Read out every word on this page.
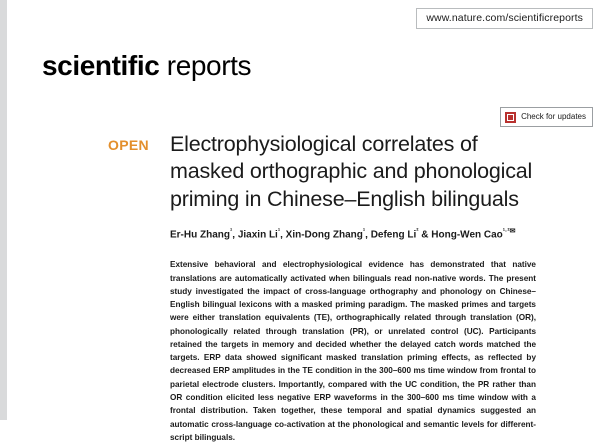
www.nature.com/scientificreports
scientific reports
Check for updates
OPEN Electrophysiological correlates of masked orthographic and phonological priming in Chinese–English bilinguals
Er-Hu Zhang$^{^1}$, Jiaxin $Li^{^1}$, Xin-Dong Zhang$^{^1}$, Defeng $Li^{^2}$ & Hong-Wen Cao$^{^1\cdot^2✉}$
Extensive behavioral and electrophysiological evidence has demonstrated that native translations are automatically activated when bilinguals read non-native words. The present study investigated the impact of cross-language orthography and phonology on Chinese–English bilingual lexicons with a masked priming paradigm. The masked primes and targets were either translation equivalents (TE), orthographically related through translation (OR), phonologically related through translation (PR), or unrelated control (UC). Participants retained the targets in memory and decided whether the delayed catch words matched the targets. ERP data showed significant masked translation priming effects, as reflected by decreased ERP amplitudes in the TE condition in the 300–600 ms time window from frontal to parietal electrode clusters. Importantly, compared with the UC condition, the PR rather than OR condition elicited less negative ERP waveforms in the 300–600 ms time window with a frontal distribution. Taken together, these temporal and spatial dynamics suggested an automatic cross-language co-activation at the phonological and semantic levels for different-script bilinguals.
